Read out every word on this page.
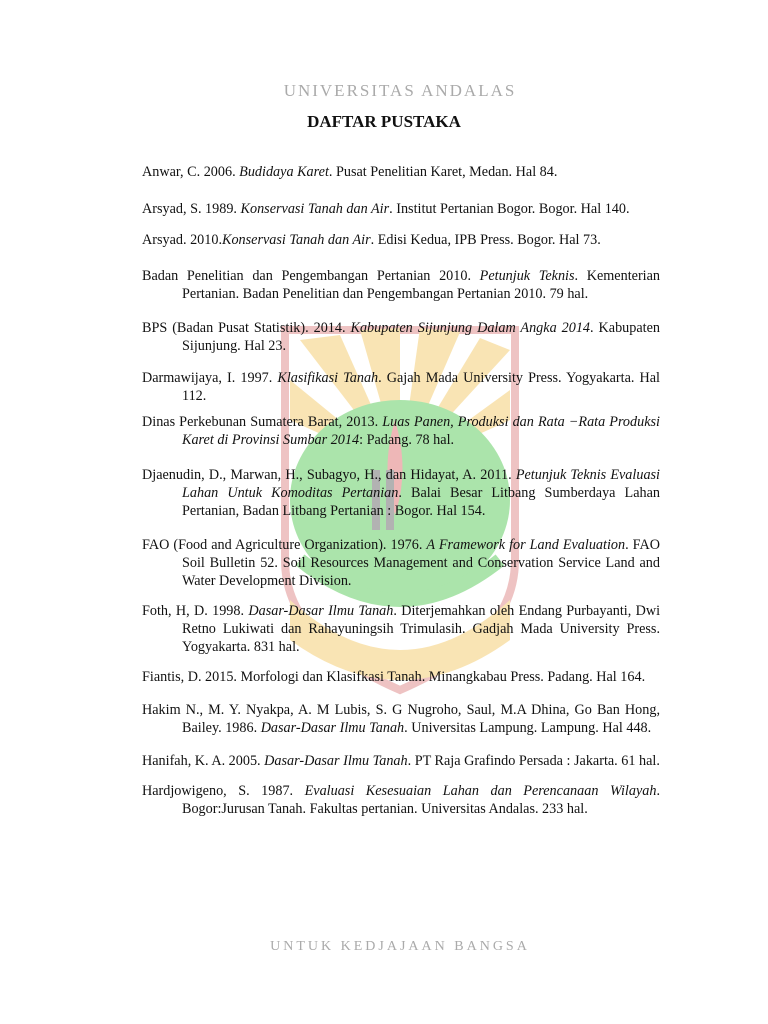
UNIVERSITAS ANDALAS
UNTUK KEDJAJAAN BANGSA
DAFTAR PUSTAKA
Anwar, C. 2006. Budidaya Karet. Pusat Penelitian Karet, Medan. Hal 84.
Arsyad, S. 1989. Konservasi Tanah dan Air. Institut Pertanian Bogor. Bogor. Hal 140.
Arsyad. 2010.Konservasi Tanah dan Air. Edisi Kedua, IPB Press. Bogor. Hal 73.
Badan Penelitian dan Pengembangan Pertanian 2010. Petunjuk Teknis. Kementerian Pertanian. Badan Penelitian dan Pengembangan Pertanian 2010. 79 hal.
BPS (Badan Pusat Statistik). 2014. Kabupaten Sijunjung Dalam Angka 2014. Kabupaten Sijunjung. Hal 23.
Darmawijaya, I. 1997. Klasifikasi Tanah. Gajah Mada University Press. Yogyakarta. Hal 112.
Dinas Perkebunan Sumatera Barat, 2013. Luas Panen, Produksi dan Rata −Rata Produksi Karet di Provinsi Sumbar 2014: Padang. 78 hal.
Djaenudin, D., Marwan, H., Subagyo, H., dan Hidayat, A. 2011. Petunjuk Teknis Evaluasi Lahan Untuk Komoditas Pertanian. Balai Besar Litbang Sumberdaya Lahan Pertanian, Badan Litbang Pertanian : Bogor. Hal 154.
FAO (Food and Agriculture Organization). 1976. A Framework for Land Evaluation. FAO Soil Bulletin 52. Soil Resources Management and Conservation Service Land and Water Development Division.
Foth, H, D. 1998. Dasar-Dasar Ilmu Tanah. Diterjemahkan oleh Endang Purbayanti, Dwi Retno Lukiwati dan Rahayuningsih Trimulasih. Gadjah Mada University Press. Yogyakarta. 831 hal.
Fiantis, D. 2015. Morfologi dan Klasifkasi Tanah. Minangkabau Press. Padang. Hal 164.
Hakim N., M. Y. Nyakpa, A. M Lubis, S. G Nugroho, Saul, M.A Dhina, Go Ban Hong, Bailey. 1986. Dasar-Dasar Ilmu Tanah. Universitas Lampung. Lampung. Hal 448.
Hanifah, K. A. 2005. Dasar-Dasar Ilmu Tanah. PT Raja Grafindo Persada : Jakarta. 61 hal.
Hardjowigeno, S. 1987. Evaluasi Kesesuaian Lahan dan Perencanaan Wilayah. Bogor:Jurusan Tanah. Fakultas pertanian. Universitas Andalas. 233 hal.
